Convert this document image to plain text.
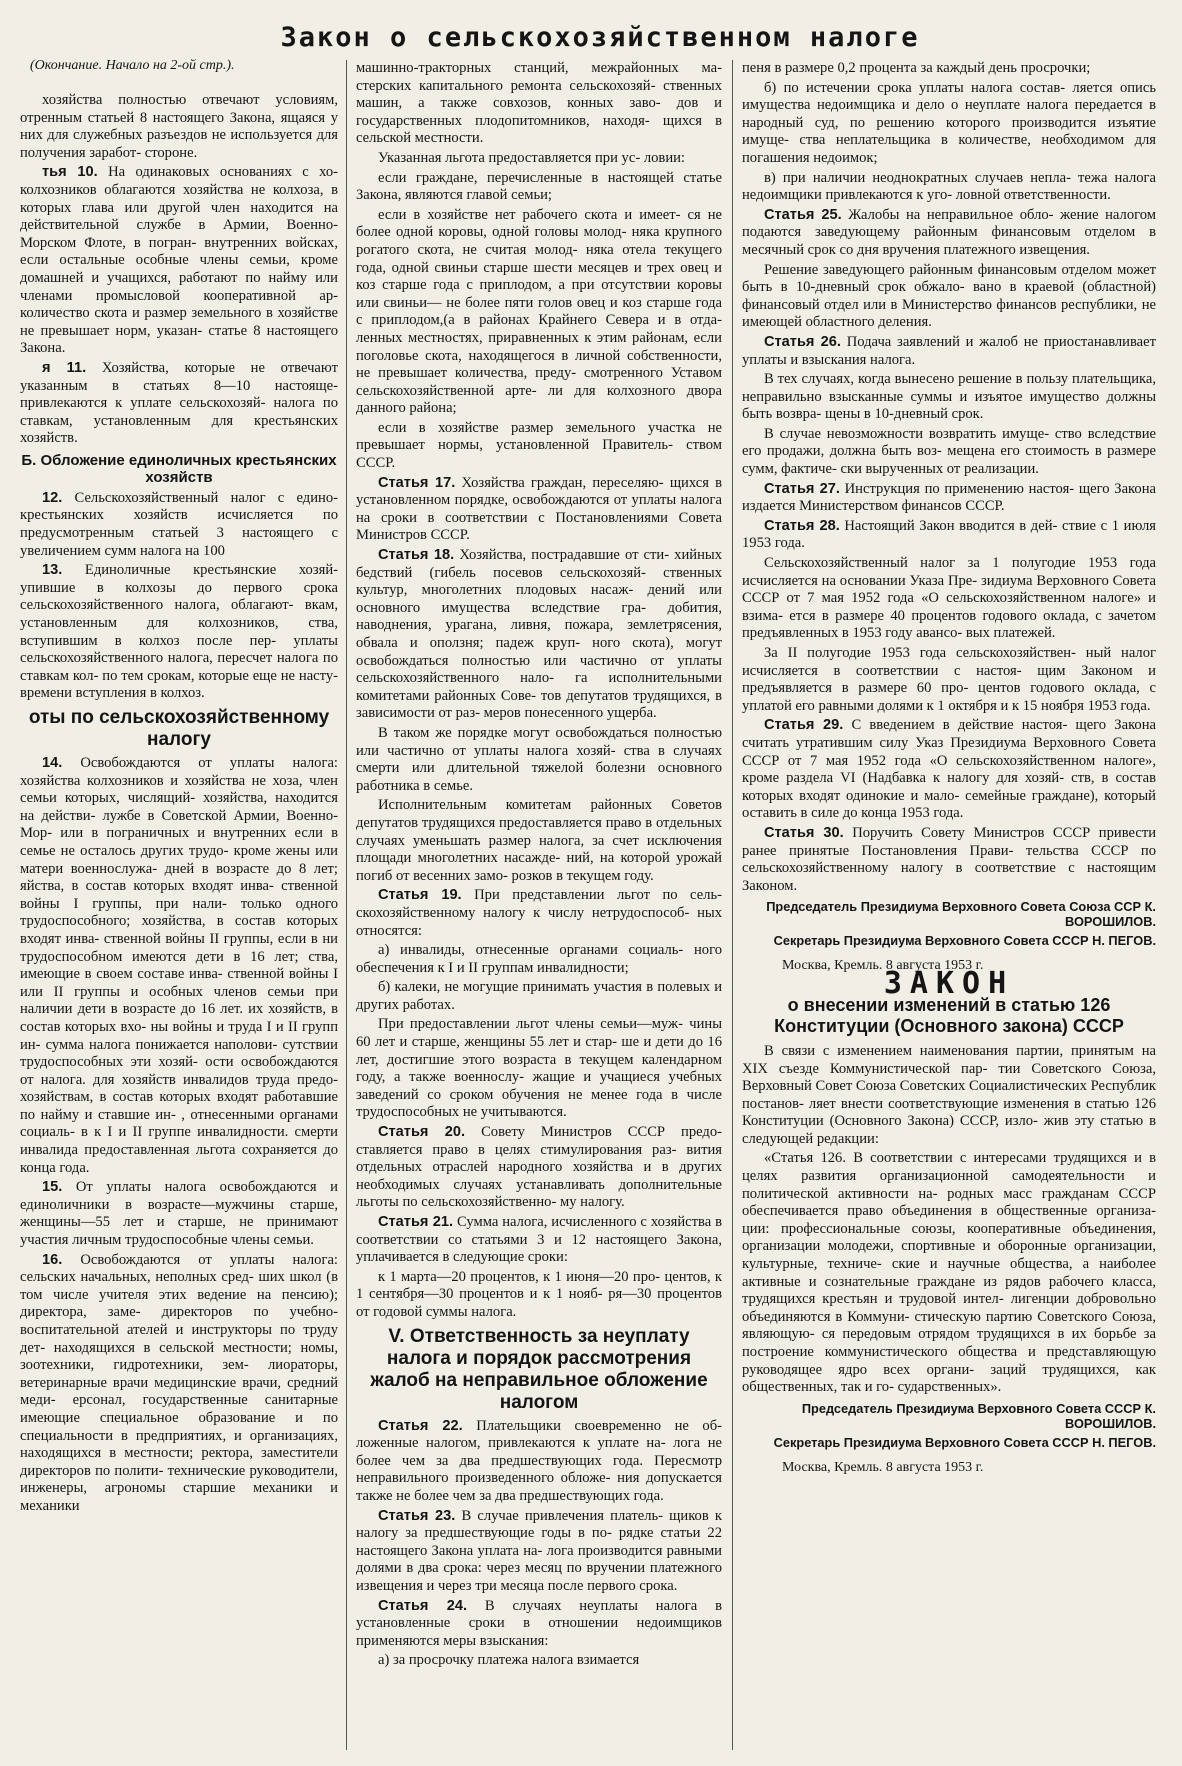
Закон о сельскохозяйственном налоге
(Окончание. Начало на 2-ой стр.).

хозяйства полностью отвечают условиям, отренным статьей 8 настоящего Закона, ящаяся у них для служебных разъездов не используется для получения заработ- стороне.

тья 10. На одинаковых основаниях с хо- колхозников облагаются хозяйства не колхоза, в которых глава или другой член находится на действительной службе в Армии, Военно-Морском Флоте, в погран- внутренних войсках, если остальные особные члены семьи, кроме домашней и учащихся, работают по найму или членами промысловой кооперативной ар- количество скота и размер земельного в хозяйстве не превышает норм, указан- статье 8 настоящего Закона.

я 11. Хозяйства, которые не отвечают указанным в статьях 8—10 настояще- привлекаются к уплате сельскохозяй- налога по ставкам, установленным для крестьянских хозяйств.

Б. Обложение единоличных крестьянских хозяйств

12. Сельскохозяйственный налог с едино- крестьянских хозяйств исчисляется по предусмотренным статьей 3 настоящего с увеличением сумм налога на 100

13. Единоличные крестьянские хозяй- упившие в колхозы до первого срока сельскохозяйственного налога, облагают- вкам, установленным для колхозников, ства, вступившим в колхоз после пер- уплаты сельскохозяйственного налога, пересчет налога по ставкам кол- по тем срокам, которые еще не насту- времени вступления в колхоз.

оты по сельскохозяйственному налогу

14. Освобождаются от уплаты налога: хозяйства колхозников и хозяйства не хоза, член семьи которых, числящий- хозяйства, находится на действи- лужбе в Советской Армии, Военно-Мор- или в пограничных и внутренних если в семье не осталось других трудо- кроме жены или матери военнослужа- дней в возрасте до 8 лет; яйства, в состав которых входят инва- ственной войны I группы, при нали- только одного трудоспособного; хозяйства, в состав которых входят инва- ственной войны II группы, если в ни трудоспособном имеются дети в 16 лет; ства, имеющие в своем составе инва- ственной войны I или II группы и особных членов семьи при наличии дети в возрасте до 16 лет. их хозяйств, в состав которых вхо- ны войны и труда I и II групп ин- сумма налога понижается наполови- сутствии трудоспособных эти хозяй- ости освобождаются от налога. для хозяйств инвалидов труда предо- хозяйствам, в состав которых входят работавшие по найму и ставшие ин- , отнесенными органами социаль- в к I и II группе инвалидности. смерти инвалида предоставленная льгота сохраняется до конца года.

15. От уплаты налога освобождаются и единоличники в возрасте—мужчины старше, женщины—55 лет и старше, не принимают участия личным трудоспособные члены семьи.

16. Освобождаются от уплаты налога: сельских начальных, неполных сред- ших школ (в том числе учителя этих ведение на пенсию); директора, заме- директоров по учебно-воспитательной ателей и инструкторы по труду дет- находящихся в сельской местности; номы, зоотехники, гидротехники, зем- лиораторы, ветеринарные врачи медицинские врачи, средний меди- ерсонал, государственные санитарные имеющие специальное образование и по специальности в предприятиях, и организациях, находящихся в местности; ректора, заместители директоров по полити- технические руководители, инженеры, агрономы старшие механики и механики

машинно-тракторных станций, межрайонных ма- стерских капитального ремонта сельскохозяй- ственных машин, а также совхозов, конных заво- дов и государственных плодопитомников, находя- щихся в сельской местности.

Указанная льгота предоставляется при ус- ловии:

если граждане, перечисленные в настоящей статье Закона, являются главой семьи;

если в хозяйстве нет рабочего скота и имеет- ся не более одной коровы, одной головы молод- няка крупного рогатого скота, не считая молод- няка отела текущего года, одной свиньи старше шести месяцев и трех овец и коз старше года с приплодом, а при отсутствии коровы или свиньи— не более пяти голов овец и коз старше года с приплодом,(а в районах Крайнего Севера и в отда- ленных местностях, приравненных к этим районам, если поголовье скота, находящегося в личной собственности, не превышает количества, преду- смотренного Уставом сельскохозяйственной арте- ли для колхозного двора данного района;

если в хозяйстве размер земельного участка не превышает нормы, установленной Правитель- ством СССР.

Статья 17. Хозяйства граждан, переселяю- щихся в установленном порядке, освобождаются от уплаты налога на сроки в соответствии с Постановлениями Совета Министров СССР.

Статья 18. Хозяйства, пострадавшие от сти- хийных бедствий (гибель посевов сельскохозяй- ственных культур, многолетних плодовых насаж- дений или основного имущества вследствие гра- добития, наводнения, урагана, ливня, пожара, землетрясения, обвала и оползня; падеж круп- ного скота), могут освобождаться полностью или частично от уплаты сельскохозяйственного нало- га исполнительными комитетами районных Сове- тов депутатов трудящихся, в зависимости от раз- меров понесенного ущерба.

В таком же порядке могут освобождаться полностью или частично от уплаты налога хозяй- ства в случаях смерти или длительной тяжелой болезни основного работника в семье.

Исполнительным комитетам районных Советов депутатов трудящихся предоставляется право в отдельных случаях уменьшать размер налога, за счет исключения площади многолетних насажде- ний, на которой урожай погиб от весенних замо- розков в текущем году.

Статья 19. При представлении льгот по сель- скохозяйственному налогу к числу нетрудоспособ- ных относятся:

а) инвалиды, отнесенные органами социаль- ного обеспечения к I и II группам инвалидности;

б) калеки, не могущие принимать участия в полевых и других работах.

При предоставлении льгот члены семьи—муж- чины 60 лет и старше, женщины 55 лет и стар- ше и дети до 16 лет, достигшие этого возраста в текущем календарном году, а также военнослу- жащие и учащиеся учебных заведений со сроком обучения не менее года в числе трудоспособных не учитываются.

Статья 20. Совету Министров СССР предо- ставляется право в целях стимулирования раз- вития отдельных отраслей народного хозяйства и в других необходимых случаях устанавливать дополнительные льготы по сельскохозяйственно- му налогу.

Статья 21. Сумма налога, исчисленного с хозяйства в соответствии со статьями 3 и 12 настоящего Закона, уплачивается в следующие сроки:

к 1 марта—20 процентов, к 1 июня—20 про- центов, к 1 сентября—30 процентов и к 1 нояб- ря—30 процентов от годовой суммы налога.

V. Ответственность за неуплату налога и порядок рассмотрения жалоб на неправильное обложение налогом

Статья 22. Плательщики своевременно не об- ложенные налогом, привлекаются к уплате на- лога не более чем за два предшествующих года. Пересмотр неправильного произведенного обложе- ния допускается также не более чем за два предшествующих года.

Статья 23. В случае привлечения платель- щиков к налогу за предшествующие годы в по- рядке статьи 22 настоящего Закона уплата на- лога производится равными долями в два срока: через месяц по вручении платежного извещения и через три месяца после первого срока.

Статья 24. В случаях неуплаты налога в установленные сроки в отношении недоимщиков применяются меры взыскания:

а) за просрочку платежа налога взимается

пеня в размере 0,2 процента за каждый день просрочки;

б) по истечении срока уплаты налога состав- ляется опись имущества недоимщика и дело о неуплате налога передается в народный суд, по решению которого производится изъятие имуще- ства неплательщика в количестве, необходимом для погашения недоимок;

в) при наличии неоднократных случаев непла- тежа налога недоимщики привлекаются к уго- ловной ответственности.

Статья 25. Жалобы на неправильное обло- жение налогом подаются заведующему районным финансовым отделом в месячный срок со дня вручения платежного извещения.

Решение заведующего районным финансовым отделом может быть в 10-дневный срок обжало- вано в краевой (областной) финансовый отдел или в Министерство финансов республики, не имеющей областного деления.

Статья 26. Подача заявлений и жалоб не приостанавливает уплаты и взыскания налога.

В тех случаях, когда вынесено решение в пользу плательщика, неправильно взысканные суммы и изъятое имущество должны быть возвра- щены в 10-дневный срок.

В случае невозможности возвратить имуще- ство вследствие его продажи, должна быть воз- мещена его стоимость в размере сумм, фактиче- ски вырученных от реализации.

Статья 27. Инструкция по применению настоя- щего Закона издается Министерством финансов СССР.

Статья 28. Настоящий Закон вводится в дей- ствие с 1 июля 1953 года.

Сельскохозяйственный налог за 1 полугодие 1953 года исчисляется на основании Указа Пре- зидиума Верховного Совета СССР от 7 мая 1952 года «О сельскохозяйственном налоге» и взима- ется в размере 40 процентов годового оклада, с зачетом предъявленных в 1953 году авансо- вых платежей.

За II полугодие 1953 года сельскохозяйствен- ный налог исчисляется в соответствии с настоя- щим Законом и предъявляется в размере 60 про- центов годового оклада, с уплатой его равными долями к 1 октября и к 15 ноября 1953 года.

Статья 29. С введением в действие настоя- щего Закона считать утратившим силу Указ Президиума Верховного Совета СССР от 7 мая 1952 года «О сельскохозяйственном налоге», кроме раздела VI (Надбавка к налогу для хозяй- ств, в состав которых входят одинокие и мало- семейные граждане), который оставить в силе до конца 1953 года.

Статья 30. Поручить Совету Министров СССР привести ранее принятые Постановления Прави- тельства СССР по сельскохозяйственному налогу в соответствие с настоящим Законом.

Председатель Президиума Верховного Совета Союза ССР К. ВОРОШИЛОВ.
Секретарь Президиума Верховного Совета СССР Н. ПЕГОВ.
Москва, Кремль. 8 августа 1953 г.
ЗАКОН
о внесении изменений в статью 126 Конституции (Основного закона) СССР

В связи с изменением наименования партии, принятым на XIX съезде Коммунистической пар- тии Советского Союза, Верховный Совет Союза Советских Социалистических Республик постанов- ляет внести соответствующие изменения в статью 126 Конституции (Основного Закона) СССР, излo- жив эту статью в следующей редакции:

«Статья 126. В соответствии с интересами трудящихся и в целях развития организационной самодеятельности и политической активности на- родных масс гражданам СССР обеспечивается право объединения в общественные организа- ции: профессиональные союзы, кооперативные объединения, организации молодежи, спортивные и оборонные организации, культурные, техниче- ские и научные общества, а наиболее активные и сознательные граждане из рядов рабочего класса, трудящихся крестьян и трудовой интел- лигенции добровольно объединяются в Коммуни- стическую партию Советского Союза, являющую- ся передовым отрядом трудящихся в их борьбе за построение коммунистического общества и представляющую руководящее ядро всех органи- заций трудящихся, как общественных, так и го- сударственных».

Председатель Президиума Верховного Совета СССР К. ВОРОШИЛОВ.
Секретарь Президиума Верховного Совета СССР Н. ПЕГОВ.
Москва, Кремль. 8 августа 1953 г.
